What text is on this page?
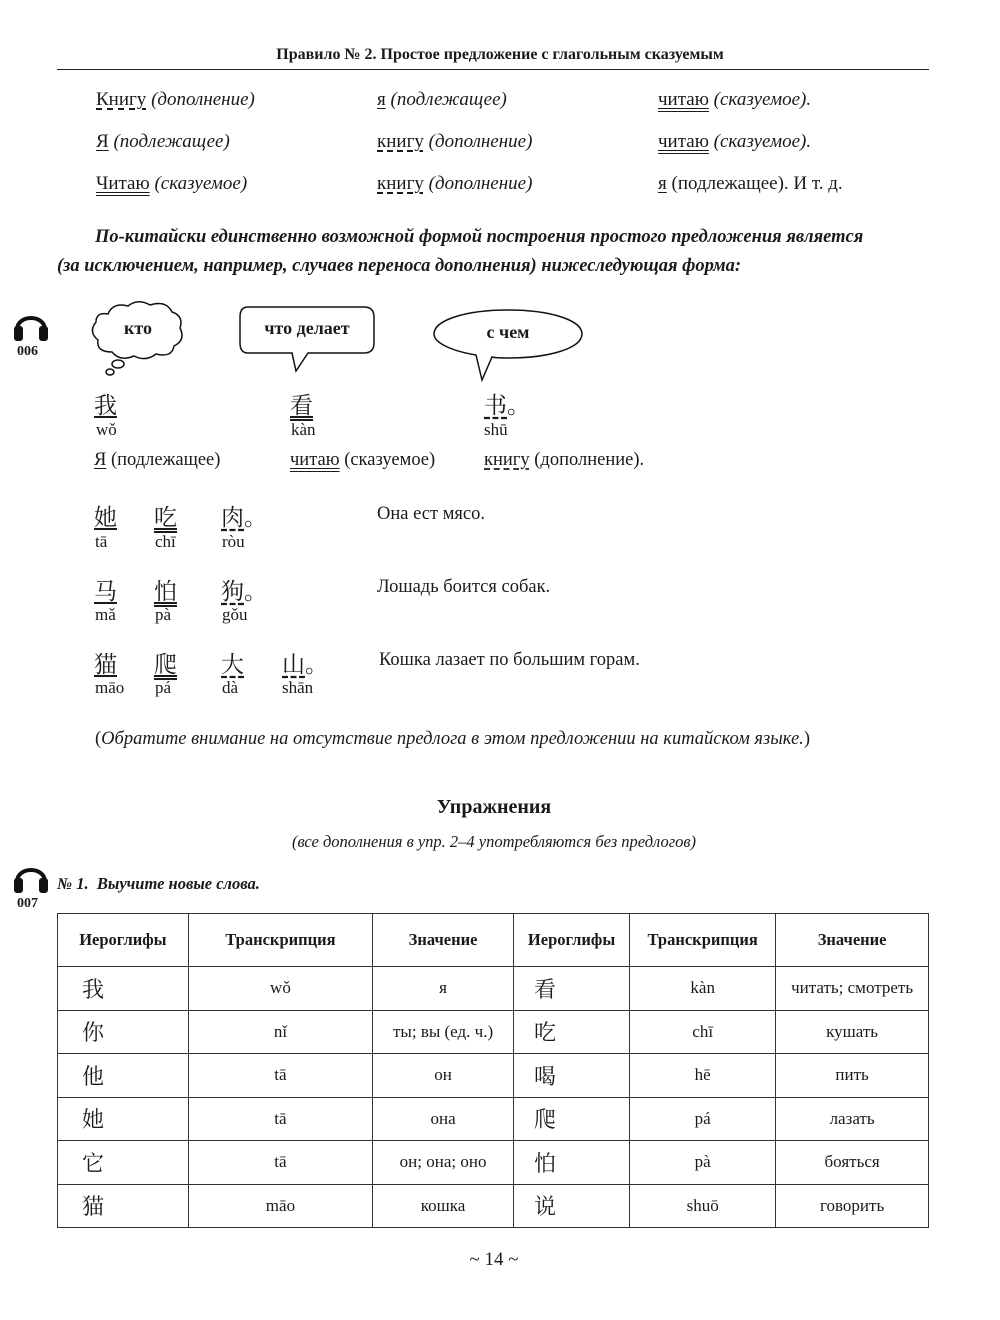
Правило № 2. Простое предложение с глагольным сказуемым
Книгу (дополнение)	я (подлежащее)	читаю (сказуемое).
Я (подлежащее)	книгу (дополнение)	читаю (сказуемое).
Читаю (сказуемое)	книгу (дополнение)	я (подлежащее). И т. д.
По-китайски единственно возможной формой построения простого предложения является
(за исключением, например, случаев переноса дополнения) нижеследующая форма:
006
кто	что делает	с чем
我	看	书。
wǒ	kàn	shū
Я (подлежащее)	читаю (сказуемое)	книгу (дополнение).
她 吃 肉。
tā	chī	ròu
Она ест мясо.
马 怕 狗。
mǎ pà	gǒu
Лошадь боится собак.
猫 爬 大 山。
māo pá	dà	shān
Кошка лазает по большим горам.
(Обратите внимание на отсутствие предлога в этом предложении на китайском языке.)
Упражнения
(все дополнения в упр. 2–4 употребляются без предлогов)
007
№ 1. Выучите новые слова.
Иероглифы	Транскрипция	Значение	Иероглифы	Транскрипция	Значение
我	wǒ	я	看	kàn	читать; смотреть
你	nǐ	ты; вы (ед. ч.)	吃	chī	кушать
他	tā	он	喝	hē	пить
她	tā	она	爬	pá	лазать
它	tā	он; она; оно	怕	pà	бояться
猫	māo	кошка	说	shuō	говорить
~ 14 ~
